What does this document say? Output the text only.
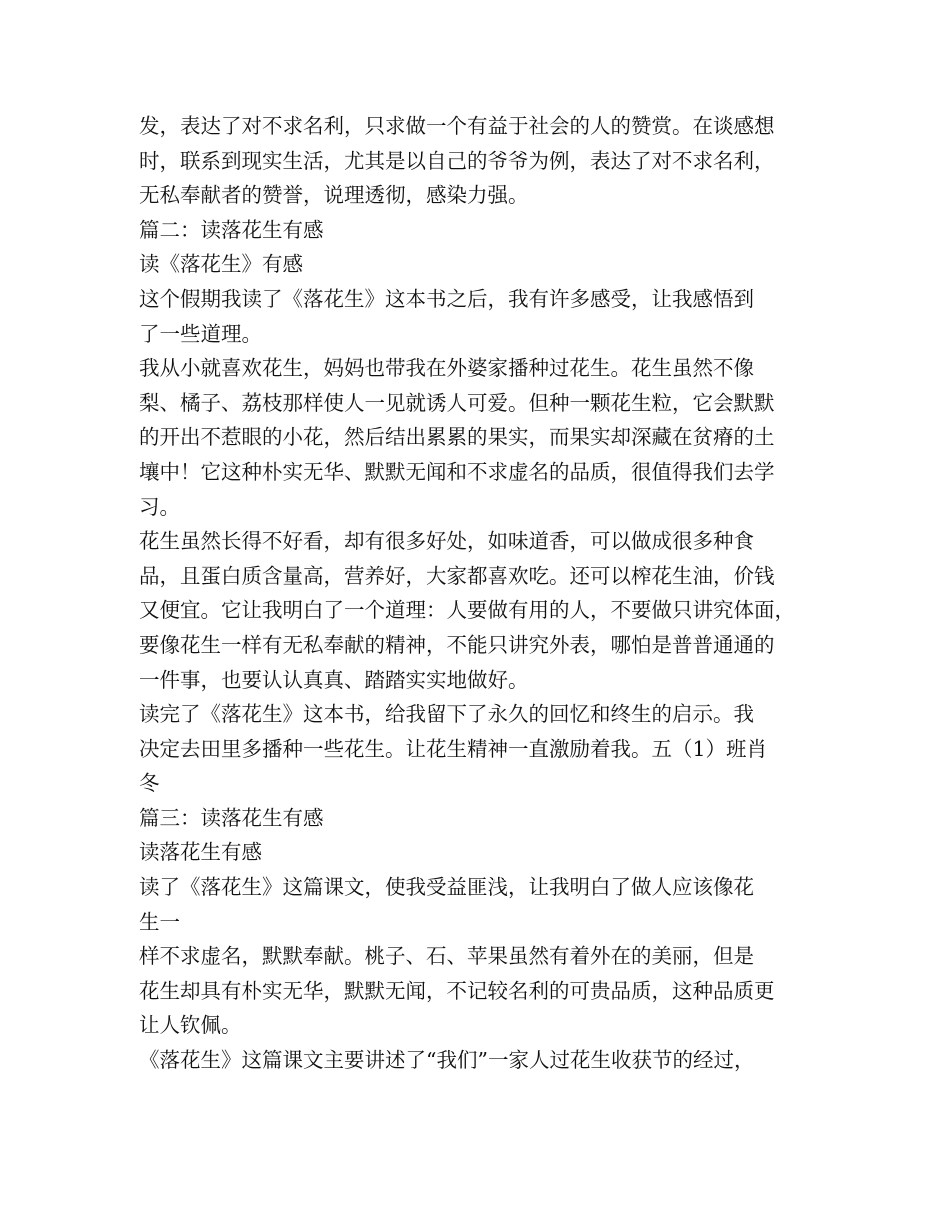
发，表达了对不求名利，只求做一个有益于社会的人的赞赏。在谈感想
时，联系到现实生活，尤其是以自己的爷爷为例，表达了对不求名利，
无私奉献者的赞誉，说理透彻，感染力强。
篇二：读落花生有感
读《落花生》有感
这个假期我读了《落花生》这本书之后，我有许多感受，让我感悟到
了一些道理。
我从小就喜欢花生，妈妈也带我在外婆家播种过花生。花生虽然不像
梨、橘子、荔枝那样使人一见就诱人可爱。但种一颗花生粒，它会默默
的开出不惹眼的小花，然后结出累累的果实，而果实却深藏在贫瘠的土
壤中！它这种朴实无华、默默无闻和不求虚名的品质，很值得我们去学
习。
花生虽然长得不好看，却有很多好处，如味道香，可以做成很多种食
品，且蛋白质含量高，营养好，大家都喜欢吃。还可以榨花生油，价钱
又便宜。它让我明白了一个道理：人要做有用的人，不要做只讲究体面，
要像花生一样有无私奉献的精神，不能只讲究外表，哪怕是普普通通的
一件事，也要认认真真、踏踏实实地做好。
读完了《落花生》这本书，给我留下了永久的回忆和终生的启示。我
决定去田里多播种一些花生。让花生精神一直激励着我。五（1）班肖
冬
篇三：读落花生有感
读落花生有感
读了《落花生》这篇课文，使我受益匪浅，让我明白了做人应该像花
生一
样不求虚名，默默奉献。桃子、石、苹果虽然有着外在的美丽，但是
花生却具有朴实无华，默默无闻，不记较名利的可贵品质，这种品质更
让人钦佩。
《落花生》这篇课文主要讲述了“我们”一家人过花生收获节的经过，
